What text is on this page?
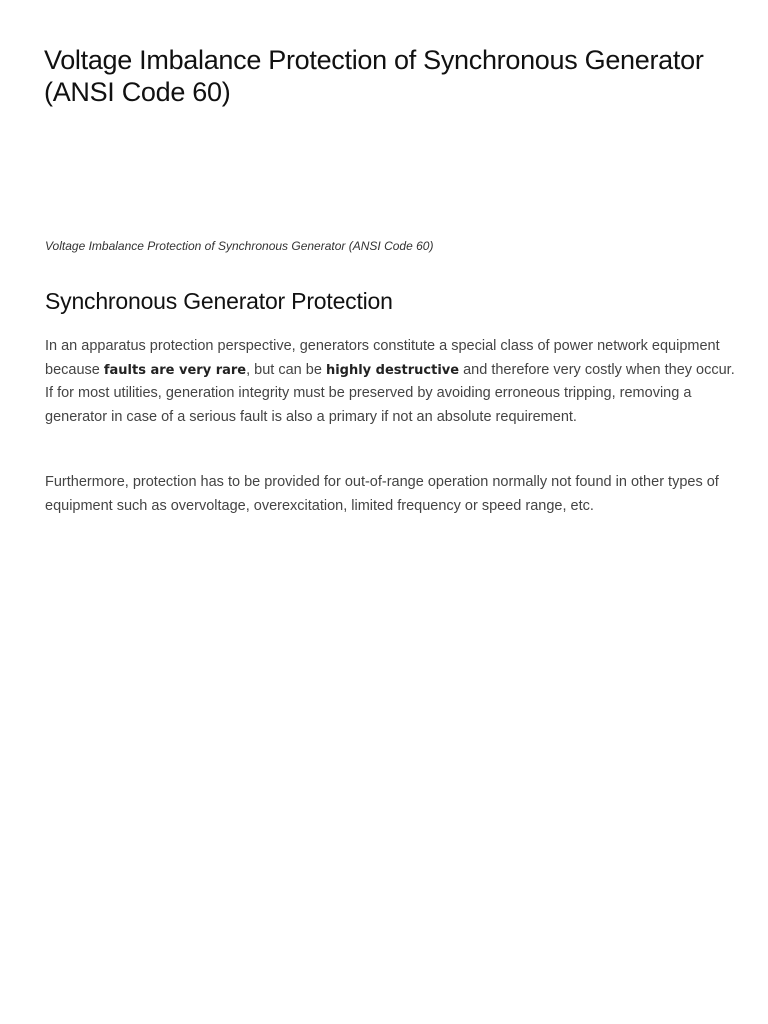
Voltage Imbalance Protection of Synchronous Generator
(ANSI Code 60)

Voltage Imbalance Protection of Synchronous Generator (ANSI Code 60)

Synchronous Generator Protection

In an apparatus protection perspective, generators constitute a special class of power network equipment because faults are very rare, but can be highly destructive and therefore very costly when they occur. If for most utilities, generation integrity must be preserved by avoiding erroneous tripping, removing a generator in case of a serious fault is also a primary if not an absolute requirement.

Furthermore, protection has to be provided for out-of-range operation normally not found in other types of equipment such as overvoltage, overexcitation, limited frequency or speed range, etc.
